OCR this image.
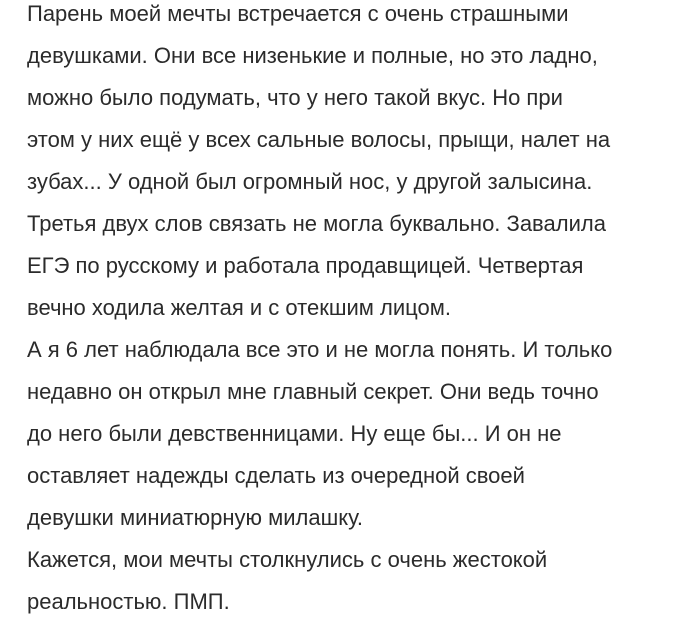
Парень моей мечты встречается с очень страшными
девушками. Они все низенькие и полные, но это ладно,
можно было подумать, что у него такой вкус. Но при
этом у них ещё у всех сальные волосы, прыщи, налет на
зубах... У одной был огромный нос, у другой залысина.
Третья двух слов связать не могла буквально. Завалила
ЕГЭ по русскому и работала продавщицей. Четвертая
вечно ходила желтая и с отекшим лицом.
А я 6 лет наблюдала все это и не могла понять. И только
недавно он открыл мне главный секрет. Они ведь точно
до него были девственницами. Ну еще бы... И он не
оставляет надежды сделать из очередной своей
девушки миниатюрную милашку.
Кажется, мои мечты столкнулись с очень жестокой
реальностью. ПМП.
